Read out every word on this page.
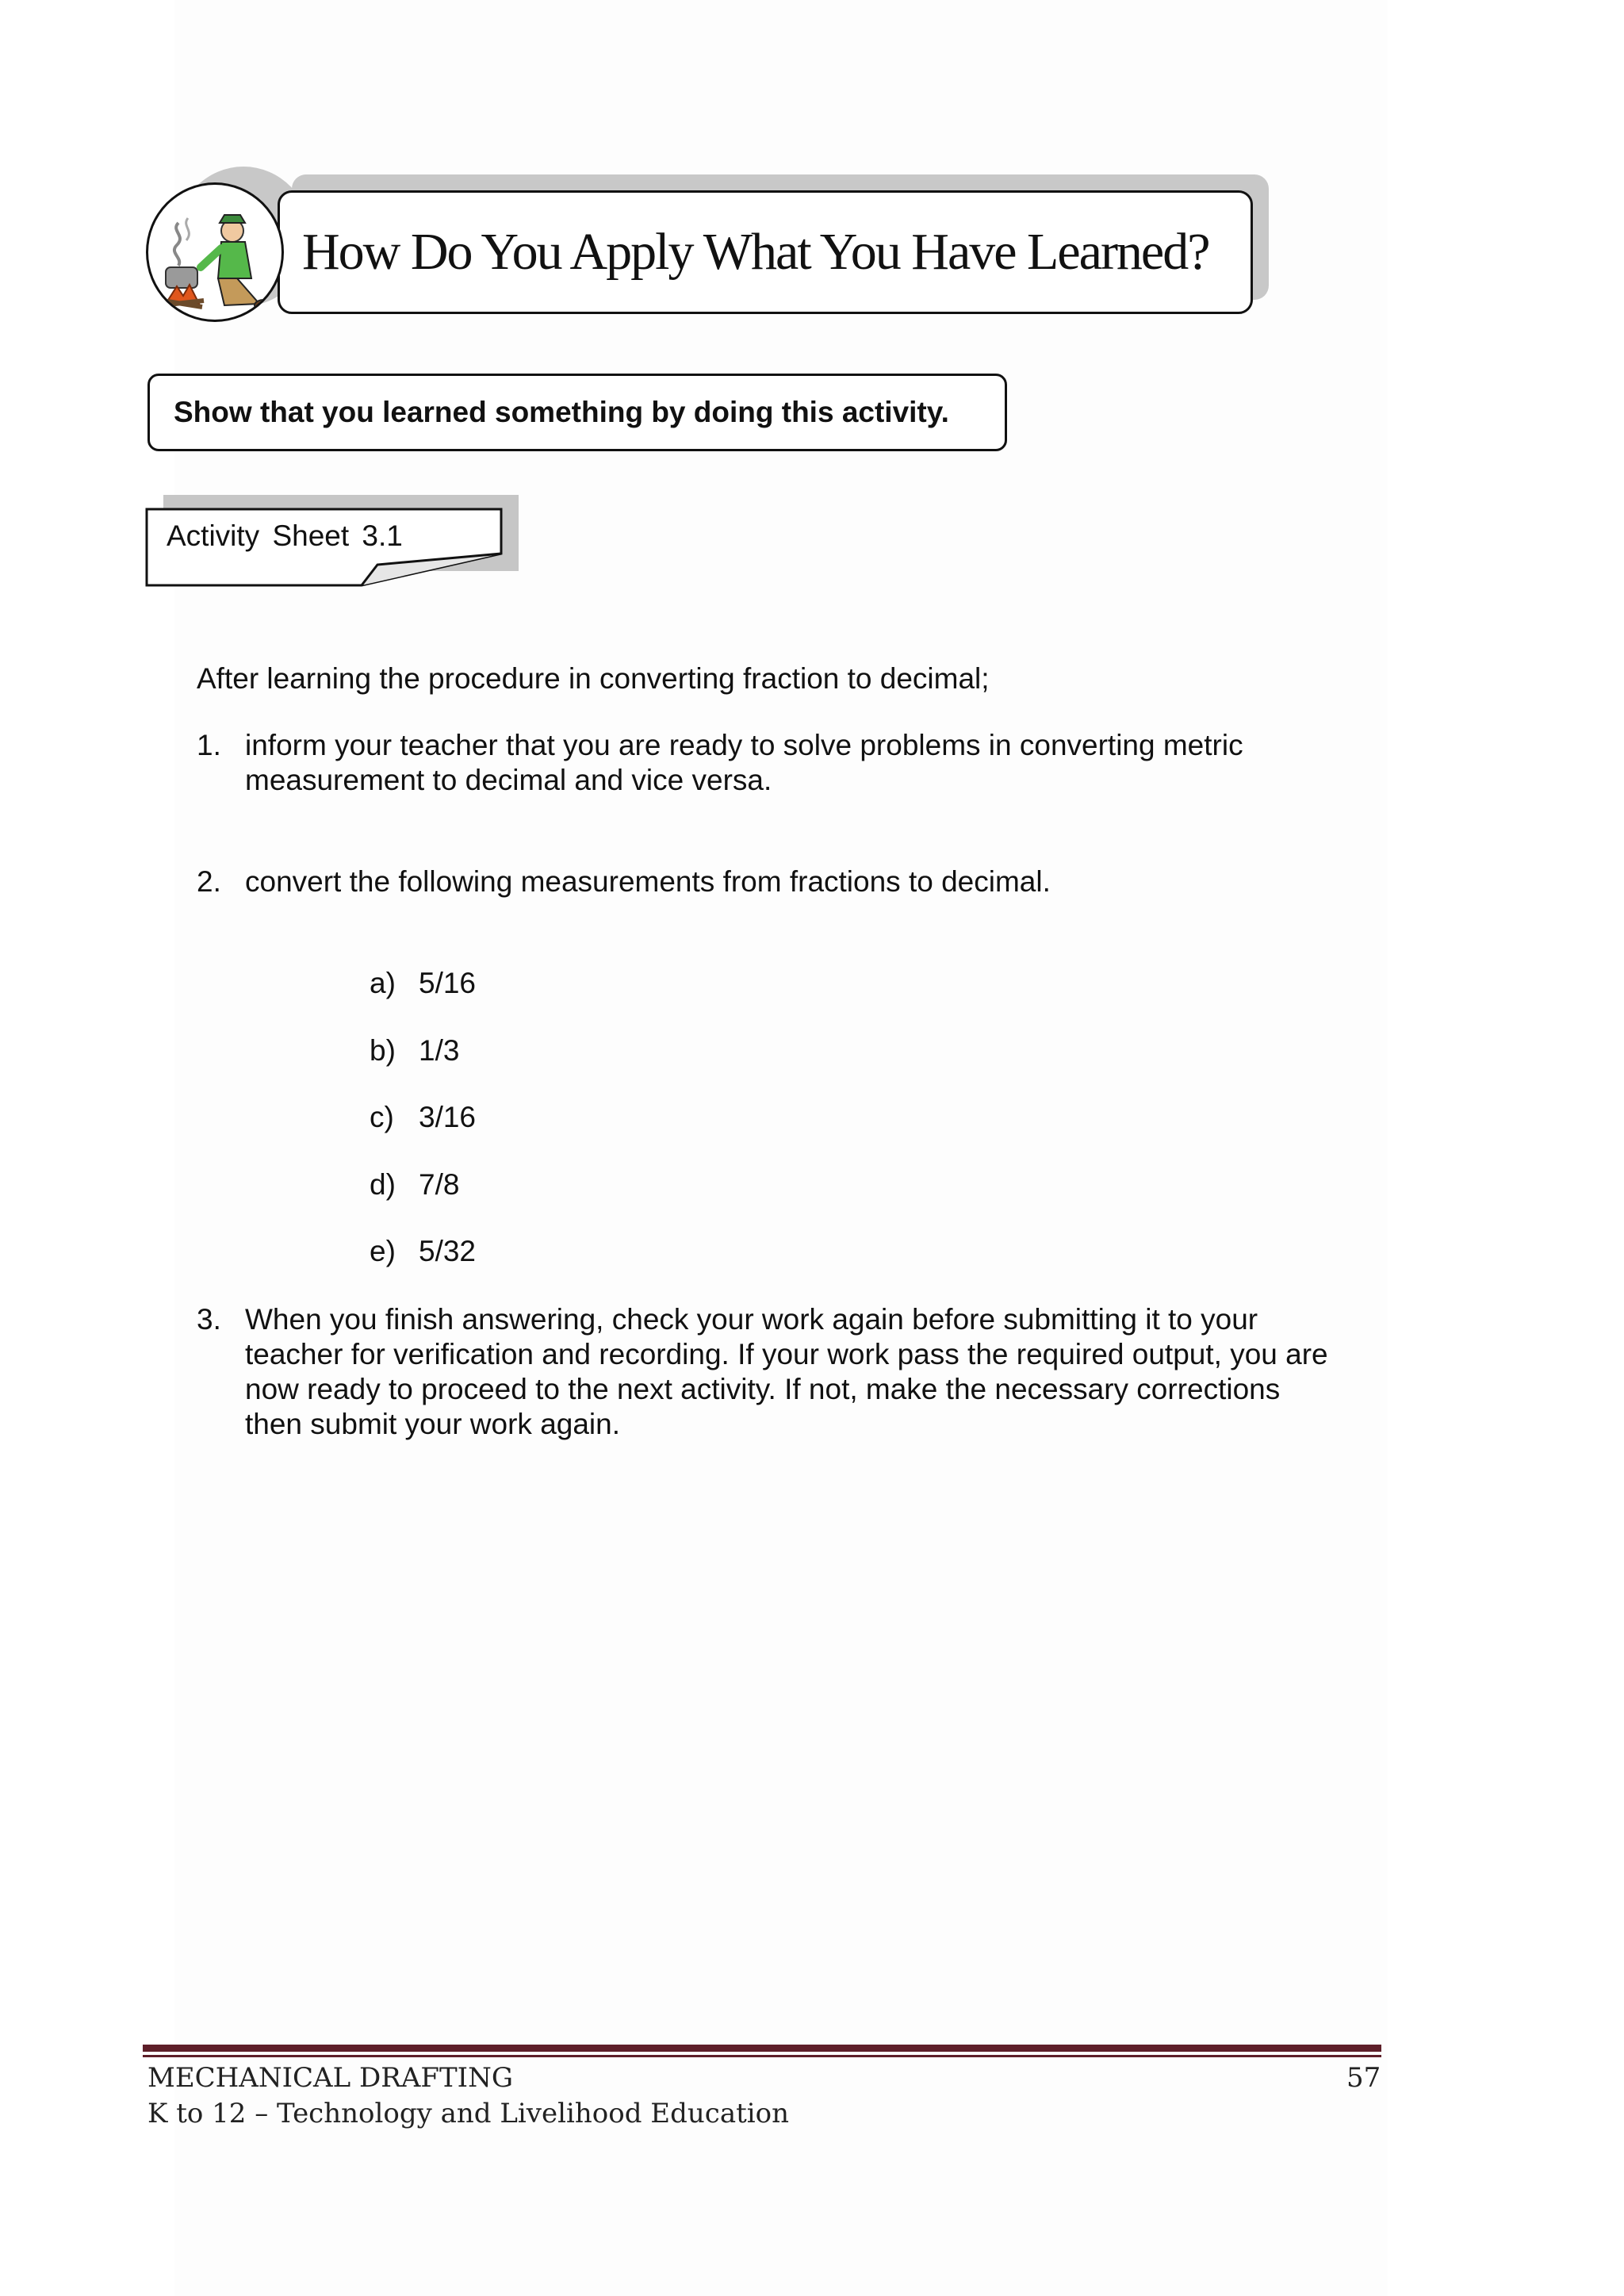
How Do You Apply What You Have Learned?
Show that you learned something by doing this activity.
Activity Sheet 3.1
After learning the procedure in converting fraction to decimal;
1. inform your teacher that you are ready to solve problems in converting metric
measurement to decimal and vice versa.
2. convert the following measurements from fractions to decimal.
a) 5/16
b) 1/3
c) 3/16
d) 7/8
e) 5/32
3. When you finish answering, check your work again before submitting it to your
teacher for verification and recording. If your work pass the required output, you are
now ready to proceed to the next activity. If not, make the necessary corrections
then submit your work again.
MECHANICAL DRAFTING
K to 12 – Technology and Livelihood Education
57
